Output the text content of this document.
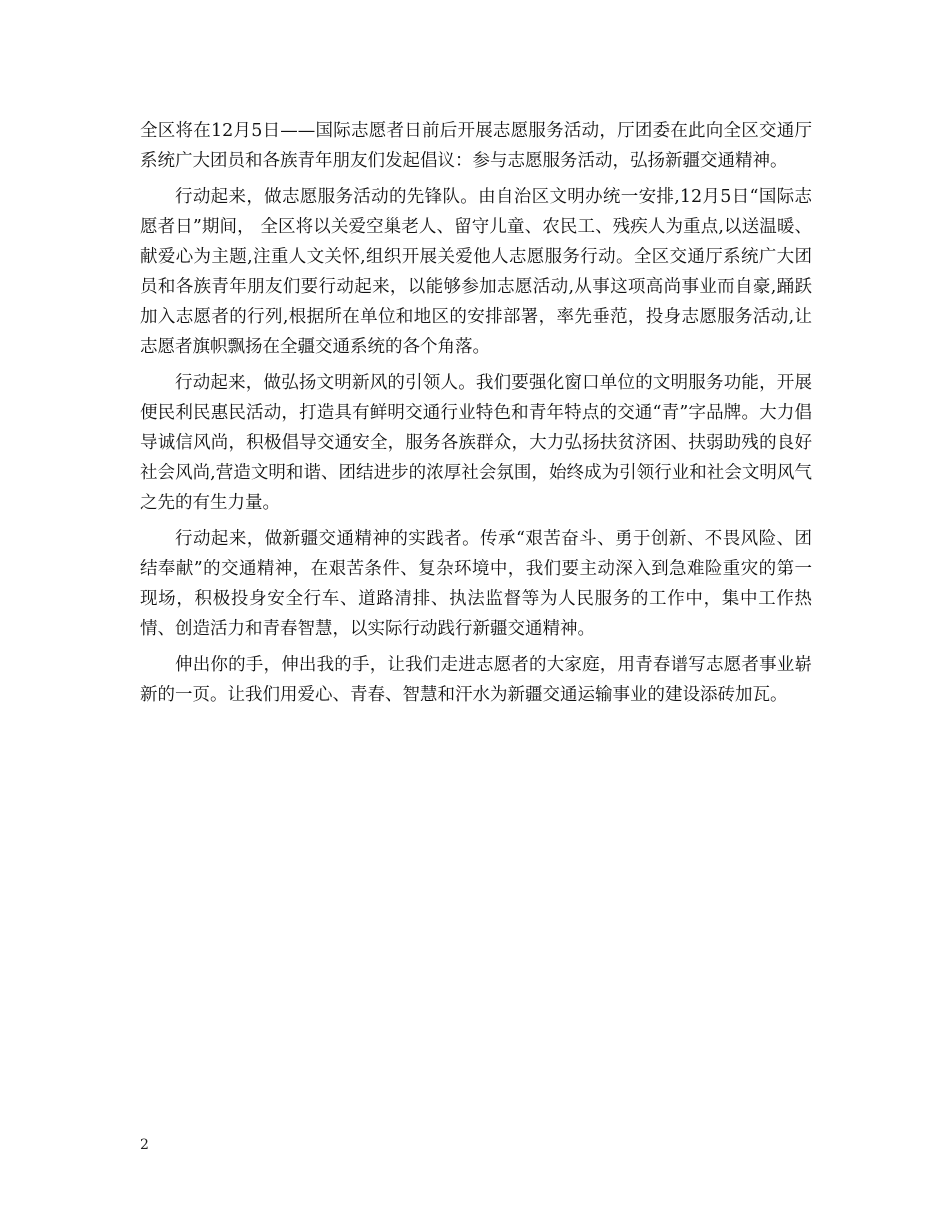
全区将在12月5日——国际志愿者日前后开展志愿服务活动，厅团委在此向全区交通厅系统广大团员和各族青年朋友们发起倡议：参与志愿服务活动，弘扬新疆交通精神。

行动起来，做志愿服务活动的先锋队。由自治区文明办统一安排,12月5日“国际志愿者日”期间， 全区将以关爱空巢老人、留守儿童、农民工、残疾人为重点,以送温暖、献爱心为主题,注重人文关怀,组织开展关爱他人志愿服务行动。全区交通厅系统广大团员和各族青年朋友们要行动起来，以能够参加志愿活动,从事这项高尚事业而自豪,踊跃加入志愿者的行列,根据所在单位和地区的安排部署，率先垂范，投身志愿服务活动,让志愿者旗帜飘扬在全疆交通系统的各个角落。

行动起来，做弘扬文明新风的引领人。我们要强化窗口单位的文明服务功能，开展便民利民惠民活动，打造具有鲜明交通行业特色和青年特点的交通“青”字品牌。大力倡导诚信风尚，积极倡导交通安全，服务各族群众，大力弘扬扶贫济困、扶弱助残的良好社会风尚,营造文明和谐、团结进步的浓厚社会氛围，始终成为引领行业和社会文明风气之先的有生力量。

行动起来，做新疆交通精神的实践者。传承“艰苦奋斗、勇于创新、不畏风险、团结奉献”的交通精神，在艰苦条件、复杂环境中，我们要主动深入到急难险重灾的第一现场，积极投身安全行车、道路清排、执法监督等为人民服务的工作中，集中工作热情、创造活力和青春智慧，以实际行动践行新疆交通精神。

伸出你的手，伸出我的手，让我们走进志愿者的大家庭，用青春谱写志愿者事业崭新的一页。让我们用爱心、青春、智慧和汗水为新疆交通运输事业的建设添砖加瓦。

2
